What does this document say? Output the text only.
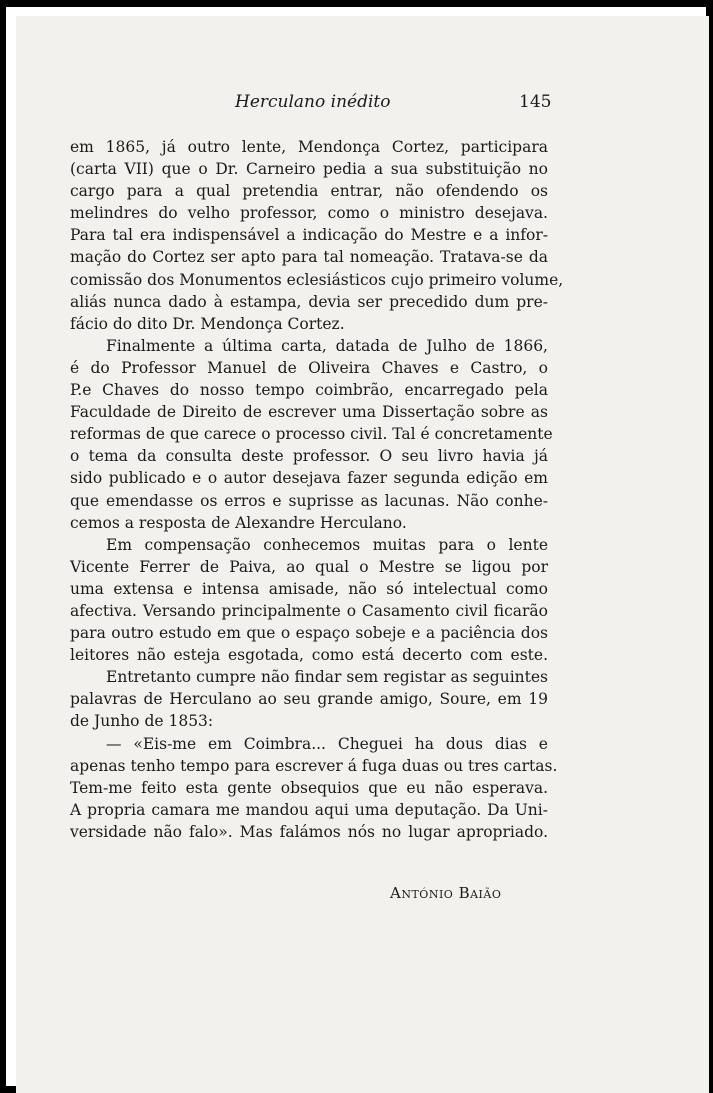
Herculano inédito	145

em 1865, já outro lente, Mendonça Cortez, participara
(carta VII) que o Dr. Carneiro pedia a sua substituição no
cargo para a qual pretendia entrar, não ofendendo os
melindres do velho professor, como o ministro desejava.
Para tal era indispensável a indicação do Mestre e a infor-
mação do Cortez ser apto para tal nomeação. Tratava-se da
comissão dos Monumentos eclesiásticos cujo primeiro volume,
aliás nunca dado à estampa, devia ser precedido dum pre-
fácio do dito Dr. Mendonça Cortez.

Finalmente a última carta, datada de Julho de 1866,
é do Professor Manuel de Oliveira Chaves e Castro, o
P.e Chaves do nosso tempo coimbrão, encarregado pela
Faculdade de Direito de escrever uma Dissertação sobre as
reformas de que carece o processo civil. Tal é concretamente
o tema da consulta deste professor. O seu livro havia já
sido publicado e o autor desejava fazer segunda edição em
que emendasse os erros e suprisse as lacunas. Não conhe-
cemos a resposta de Alexandre Herculano.

Em compensação conhecemos muitas para o lente
Vicente Ferrer de Paiva, ao qual o Mestre se ligou por
uma extensa e intensa amisade, não só intelectual como
afectiva. Versando principalmente o Casamento civil ficarão
para outro estudo em que o espaço sobeje e a paciência dos
leitores não esteja esgotada, como está decerto com este.

Entretanto cumpre não findar sem registar as seguintes
palavras de Herculano ao seu grande amigo, Soure, em 19
de Junho de 1853:

— «Eis-me em Coimbra... Cheguei ha dous dias e
apenas tenho tempo para escrever á fuga duas ou tres cartas.
Tem-me feito esta gente obsequios que eu não esperava.
A propria camara me mandou aqui uma deputação. Da Uni-
versidade não falo». Mas falámos nós no lugar apropriado.

António Baião
